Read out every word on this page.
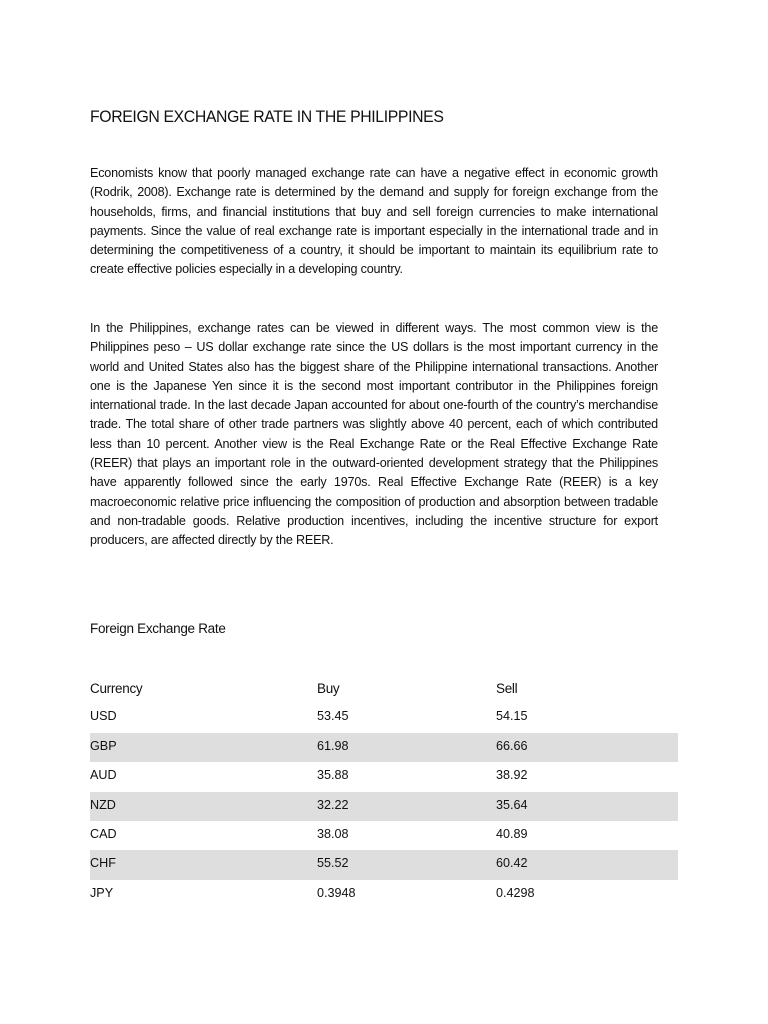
FOREIGN EXCHANGE RATE IN THE PHILIPPINES

Economists know that poorly managed exchange rate can have a negative effect in economic growth (Rodrik, 2008). Exchange rate is determined by the demand and supply for foreign exchange from the households, firms, and financial institutions that buy and sell foreign currencies to make international payments. Since the value of real exchange rate is important especially in the international trade and in determining the competitiveness of a country, it should be important to maintain its equilibrium rate to create effective policies especially in a developing country.

In the Philippines, exchange rates can be viewed in different ways. The most common view is the Philippines peso – US dollar exchange rate since the US dollars is the most important currency in the world and United States also has the biggest share of the Philippine international transactions. Another one is the Japanese Yen since it is the second most important contributor in the Philippines foreign international trade. In the last decade Japan accounted for about one-fourth of the country’s merchandise trade. The total share of other trade partners was slightly above 40 percent, each of which contributed less than 10 percent. Another view is the Real Exchange Rate or the Real Effective Exchange Rate (REER) that plays an important role in the outward-oriented development strategy that the Philippines have apparently followed since the early 1970s. Real Effective Exchange Rate (REER) is a key macroeconomic relative price influencing the composition of production and absorption between tradable and non-tradable goods. Relative production incentives, including the incentive structure for export producers, are affected directly by the REER.

Foreign Exchange Rate
Currency	Buy	Sell
USD	53.45	54.15
GBP	61.98	66.66
AUD	35.88	38.92
NZD	32.22	35.64
CAD	38.08	40.89
CHF	55.52	60.42
JPY	0.3948	0.4298
